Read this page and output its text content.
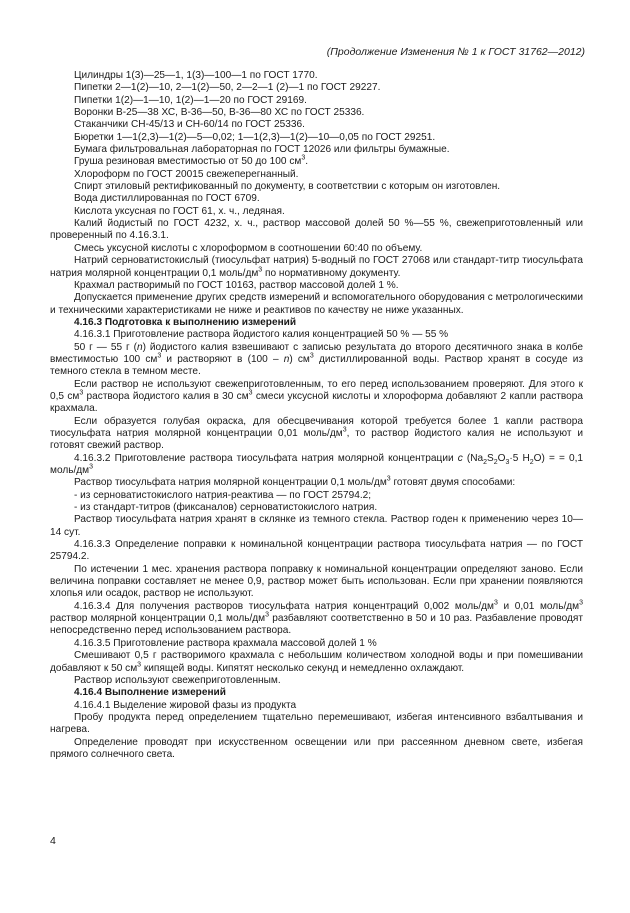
(Продолжение Изменения № 1 к ГОСТ 31762—2012)

Цилиндры 1(3)—25—1, 1(3)—100—1 по ГОСТ 1770.

Пипетки 2—1(2)—10, 2—1(2)—50, 2—2—1 (2)—1 по ГОСТ 29227.

Пипетки 1(2)—1—10, 1(2)—1—20 по ГОСТ 29169.

Воронки В-25—38 ХС, В-36—50, В-36—80 ХС по ГОСТ 25336.

Стаканчики СН-45/13 и СН-60/14 по ГОСТ 25336.

Бюретки 1—1(2,3)—1(2)—5—0,02; 1—1(2,3)—1(2)—10—0,05 по ГОСТ 29251.

Бумага фильтровальная лабораторная по ГОСТ 12026 или фильтры бумажные.

Груша резиновая вместимостью от 50 до 100 $см^3$.

Хлороформ по ГОСТ 20015 свежеперегнанный.

Спирт этиловый ректификованный по документу, в соответствии с которым он изготовлен.

Вода дистиллированная по ГОСТ 6709.

Кислота уксусная по ГОСТ 61, х. ч., ледяная.

Калий йодистый по ГОСТ 4232, х. ч., раствор массовой долей 50 %—55 %, свежеприготовленный или проверенный по 4.16.3.1.

Смесь уксусной кислоты с хлороформом в соотношении 60:40 по объему.

Натрий серноватистокислый (тиосульфат натрия) 5-водный по ГОСТ 27068 или стандарт-титр тиосульфата натрия молярной концентрации 0,1 моль/$дм^3$ по нормативному документу.

Крахмал растворимый по ГОСТ 10163, раствор массовой долей 1 %.

Допускается применение других средств измерений и вспомогательного оборудования с метрологическими и техническими характеристиками не ниже и реактивов по качеству не ниже указанных.

4.16.3 Подготовка к выполнению измерений

4.16.3.1 Приготовление раствора йодистого калия концентрацией 50 % — 55 %

50 г — 55 г (n) йодистого калия взвешивают с записью результата до второго десятичного знака в колбе вместимостью 100 $см^3$ и растворяют в (100 – n) $см^3$ дистиллированной воды. Раствор хранят в сосуде из темного стекла в темном месте.

Если раствор не используют свежеприготовленным, то его перед использованием проверяют. Для этого к 0,5 $см^3$ раствора йодистого калия в 30 $см^3$ смеси уксусной кислоты и хлороформа добавляют 2 капли раствора крахмала.

Если образуется голубая окраска, для обесцвечивания которой требуется более 1 капли раствора тиосульфата натрия молярной концентрации 0,01 моль/$дм^3$, то раствор йодистого калия не используют и готовят свежий раствор.

4.16.3.2 Приготовление раствора тиосульфата натрия молярной концентрации c ($Na_2S_2O_3\cdot 5$ $H_2O$) = = 0,1 моль/$дм^3$

Раствор тиосульфата натрия молярной концентрации 0,1 моль/$дм^3$ готовят двумя способами:

- из серноватистокислого натрия-реактива — по ГОСТ 25794.2;

- из стандарт-титров (фиксаналов) серноватистокислого натрия.

Раствор тиосульфата натрия хранят в склянке из темного стекла. Раствор годен к применению через 10—14 сут.

4.16.3.3 Определение поправки к номинальной концентрации раствора тиосульфата натрия — по ГОСТ 25794.2.

По истечении 1 мес. хранения раствора поправку к номинальной концентрации определяют заново. Если величина поправки составляет не менее 0,9, раствор может быть использован. Если при хранении появляются хлопья или осадок, раствор не используют.

4.16.3.4 Для получения растворов тиосульфата натрия концентраций 0,002 моль/$дм^3$ и 0,01 моль/$дм^3$ раствор молярной концентрации 0,1 моль/$дм^3$ разбавляют соответственно в 50 и 10 раз. Разбавление проводят непосредственно перед использованием раствора.

4.16.3.5 Приготовление раствора крахмала массовой долей 1 %

Смешивают 0,5 г растворимого крахмала с небольшим количеством холодной воды и при помешивании добавляют к 50 $см^3$ кипящей воды. Кипятят несколько секунд и немедленно охлаждают.

Раствор используют свежеприготовленным.

4.16.4 Выполнение измерений

4.16.4.1 Выделение жировой фазы из продукта

Пробу продукта перед определением тщательно перемешивают, избегая интенсивного взбалтывания и нагрева.

Определение проводят при искусственном освещении или при рассеянном дневном свете, избегая прямого солнечного света.

4
